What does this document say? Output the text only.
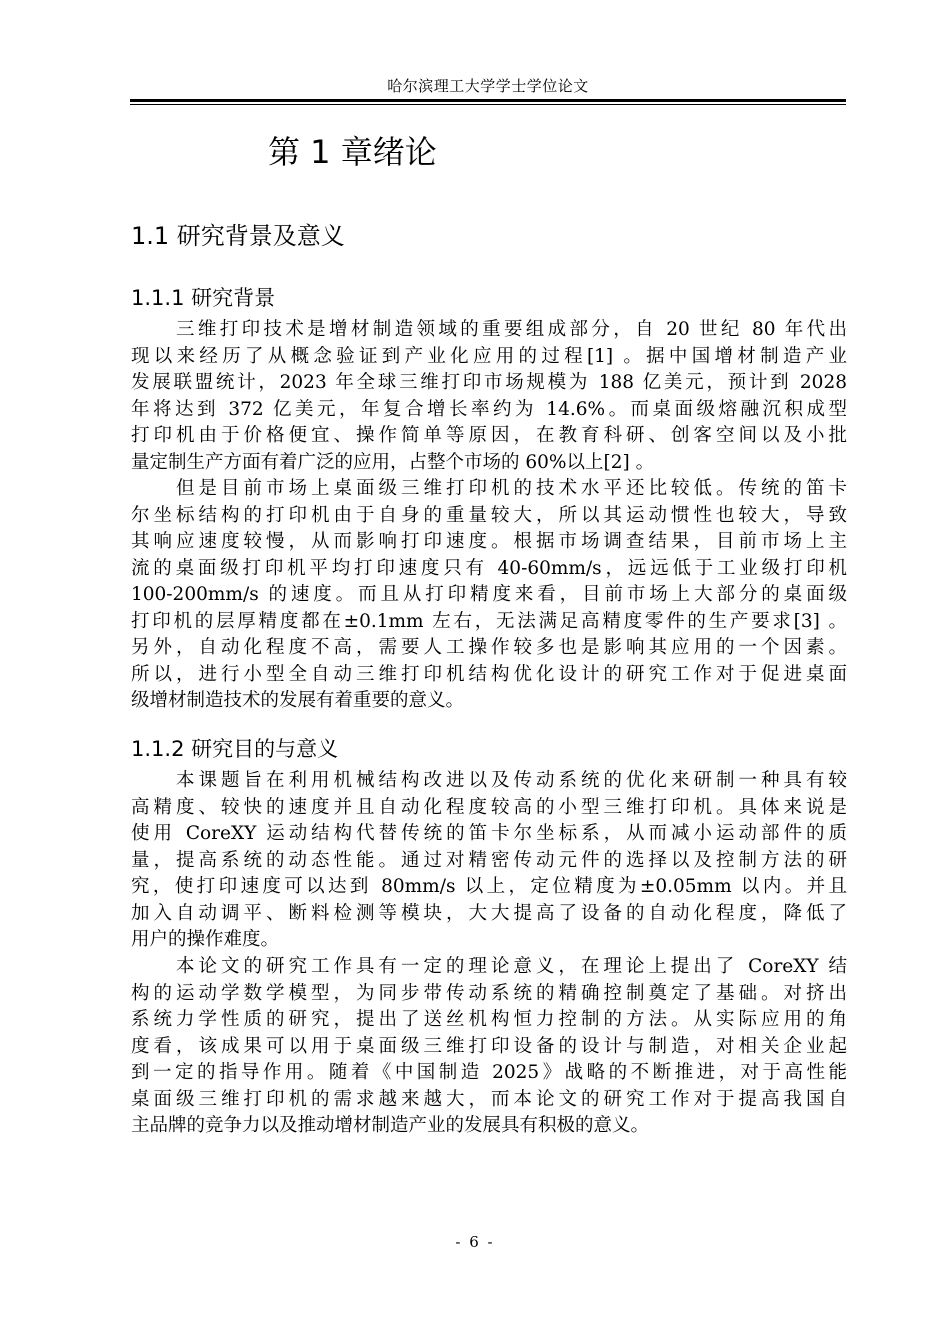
哈尔滨理工大学学士学位论文
第 1 章绪论
1.1 研究背景及意义
1.1.1 研究背景
三维打印技术是增材制造领域的重要组成部分，自 20 世纪 80 年代出
现以来经历了从概念验证到产业化应用的过程[1] 。据中国增材制造产业
发展联盟统计，2023 年全球三维打印市场规模为 188 亿美元，预计到 2028
年将达到 372 亿美元，年复合增长率约为 14.6%。而桌面级熔融沉积成型
打印机由于价格便宜、操作简单等原因，在教育科研、创客空间以及小批
量定制生产方面有着广泛的应用，占整个市场的 60%以上[2] 。
但是目前市场上桌面级三维打印机的技术水平还比较低。传统的笛卡
尔坐标结构的打印机由于自身的重量较大，所以其运动惯性也较大，导致
其响应速度较慢，从而影响打印速度。根据市场调查结果，目前市场上主
流的桌面级打印机平均打印速度只有 40-60mm/s，远远低于工业级打印机
100-200mm/s 的速度。而且从打印精度来看，目前市场上大部分的桌面级
打印机的层厚精度都在±0.1mm 左右，无法满足高精度零件的生产要求[3] 。
另外，自动化程度不高，需要人工操作较多也是影响其应用的一个因素。
所以，进行小型全自动三维打印机结构优化设计的研究工作对于促进桌面
级增材制造技术的发展有着重要的意义。
1.1.2 研究目的与意义
本课题旨在利用机械结构改进以及传动系统的优化来研制一种具有较
高精度、较快的速度并且自动化程度较高的小型三维打印机。具体来说是
使用 CoreXY 运动结构代替传统的笛卡尔坐标系，从而减小运动部件的质
量，提高系统的动态性能。通过对精密传动元件的选择以及控制方法的研
究，使打印速度可以达到 80mm/s 以上，定位精度为±0.05mm 以内。并且
加入自动调平、断料检测等模块，大大提高了设备的自动化程度，降低了
用户的操作难度。
本论文的研究工作具有一定的理论意义，在理论上提出了 CoreXY 结
构的运动学数学模型，为同步带传动系统的精确控制奠定了基础。对挤出
系统力学性质的研究，提出了送丝机构恒力控制的方法。从实际应用的角
度看，该成果可以用于桌面级三维打印设备的设计与制造，对相关企业起
到一定的指导作用。随着《中国制造 2025》战略的不断推进，对于高性能
桌面级三维打印机的需求越来越大，而本论文的研究工作对于提高我国自
主品牌的竞争力以及推动增材制造产业的发展具有积极的意义。
- 6 -
